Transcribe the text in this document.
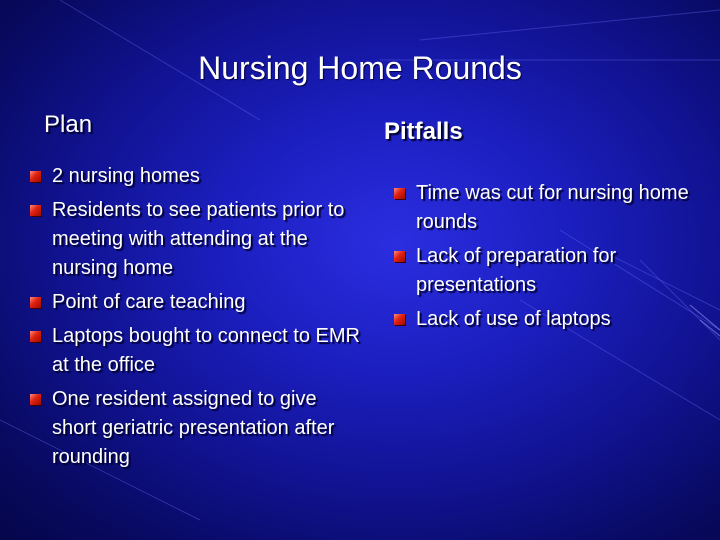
Nursing Home Rounds
Plan
2 nursing homes
Residents to see patients prior to meeting with attending at the nursing home
Point of care teaching
Laptops bought to connect to EMR at the office
One resident assigned to give short geriatric presentation after rounding
Pitfalls
Time was cut for nursing home rounds
Lack of preparation for presentations
Lack of use of laptops
